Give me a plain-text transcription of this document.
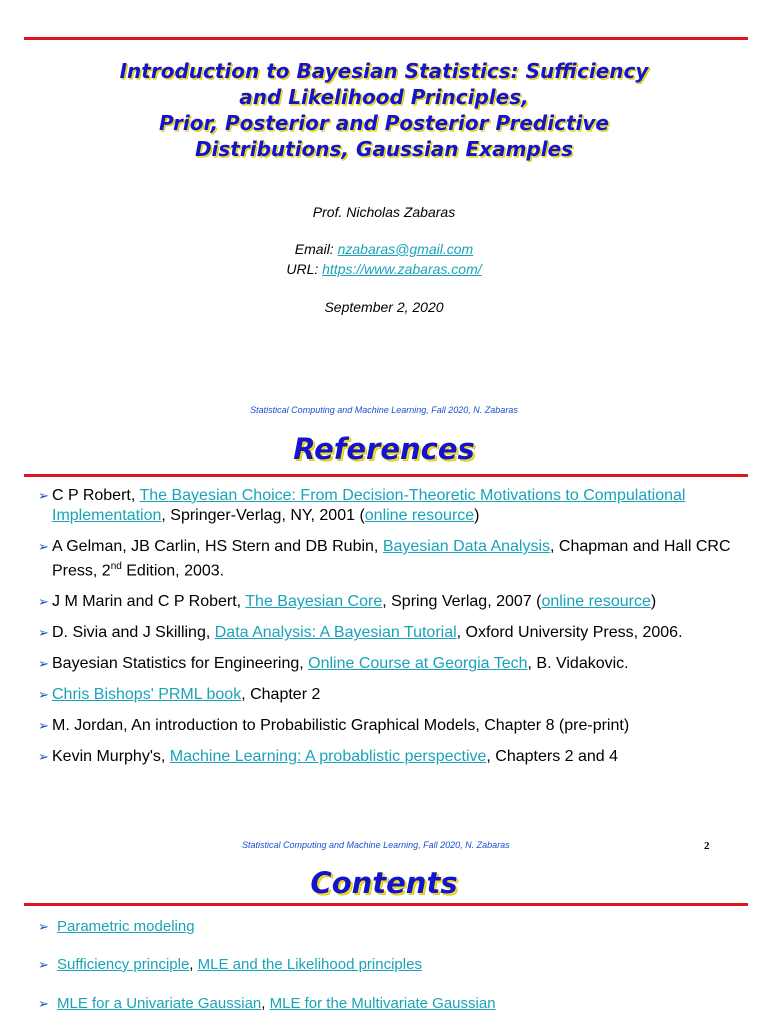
Introduction to Bayesian Statistics: Sufficiency
and Likelihood Principles,
Prior, Posterior and Posterior Predictive
Distributions, Gaussian Examples
Prof. Nicholas Zabaras
Email: nzabaras@gmail.com
URL: https://www.zabaras.com/
September 2, 2020
Statistical Computing and Machine Learning, Fall 2020, N. Zabaras
References
➢ C P Robert, The Bayesian Choice: From Decision-Theoretic Motivations to Compulational Implementation, Springer-Verlag, NY, 2001 (online resource)
➢ A Gelman, JB Carlin, HS Stern and DB Rubin, Bayesian Data Analysis, Chapman and Hall CRC Press, 2nd Edition, 2003.
➢ J M Marin and C P Robert, The Bayesian Core, Spring Verlag, 2007 (online resource)
➢ D. Sivia and J Skilling, Data Analysis: A Bayesian Tutorial, Oxford University Press, 2006.
➢ Bayesian Statistics for Engineering, Online Course at Georgia Tech, B. Vidakovic.
➢ Chris Bishops' PRML book, Chapter 2
➢ M. Jordan, An introduction to Probabilistic Graphical Models, Chapter 8 (pre-print)
➢ Kevin Murphy's, Machine Learning: A probablistic perspective, Chapters 2 and 4
Statistical Computing and Machine Learning, Fall 2020, N. Zabaras	2
Contents
➢ Parametric modeling
➢ Sufficiency principle, MLE and the Likelihood principles
➢ MLE for a Univariate Gaussian, MLE for the Multivariate Gaussian
